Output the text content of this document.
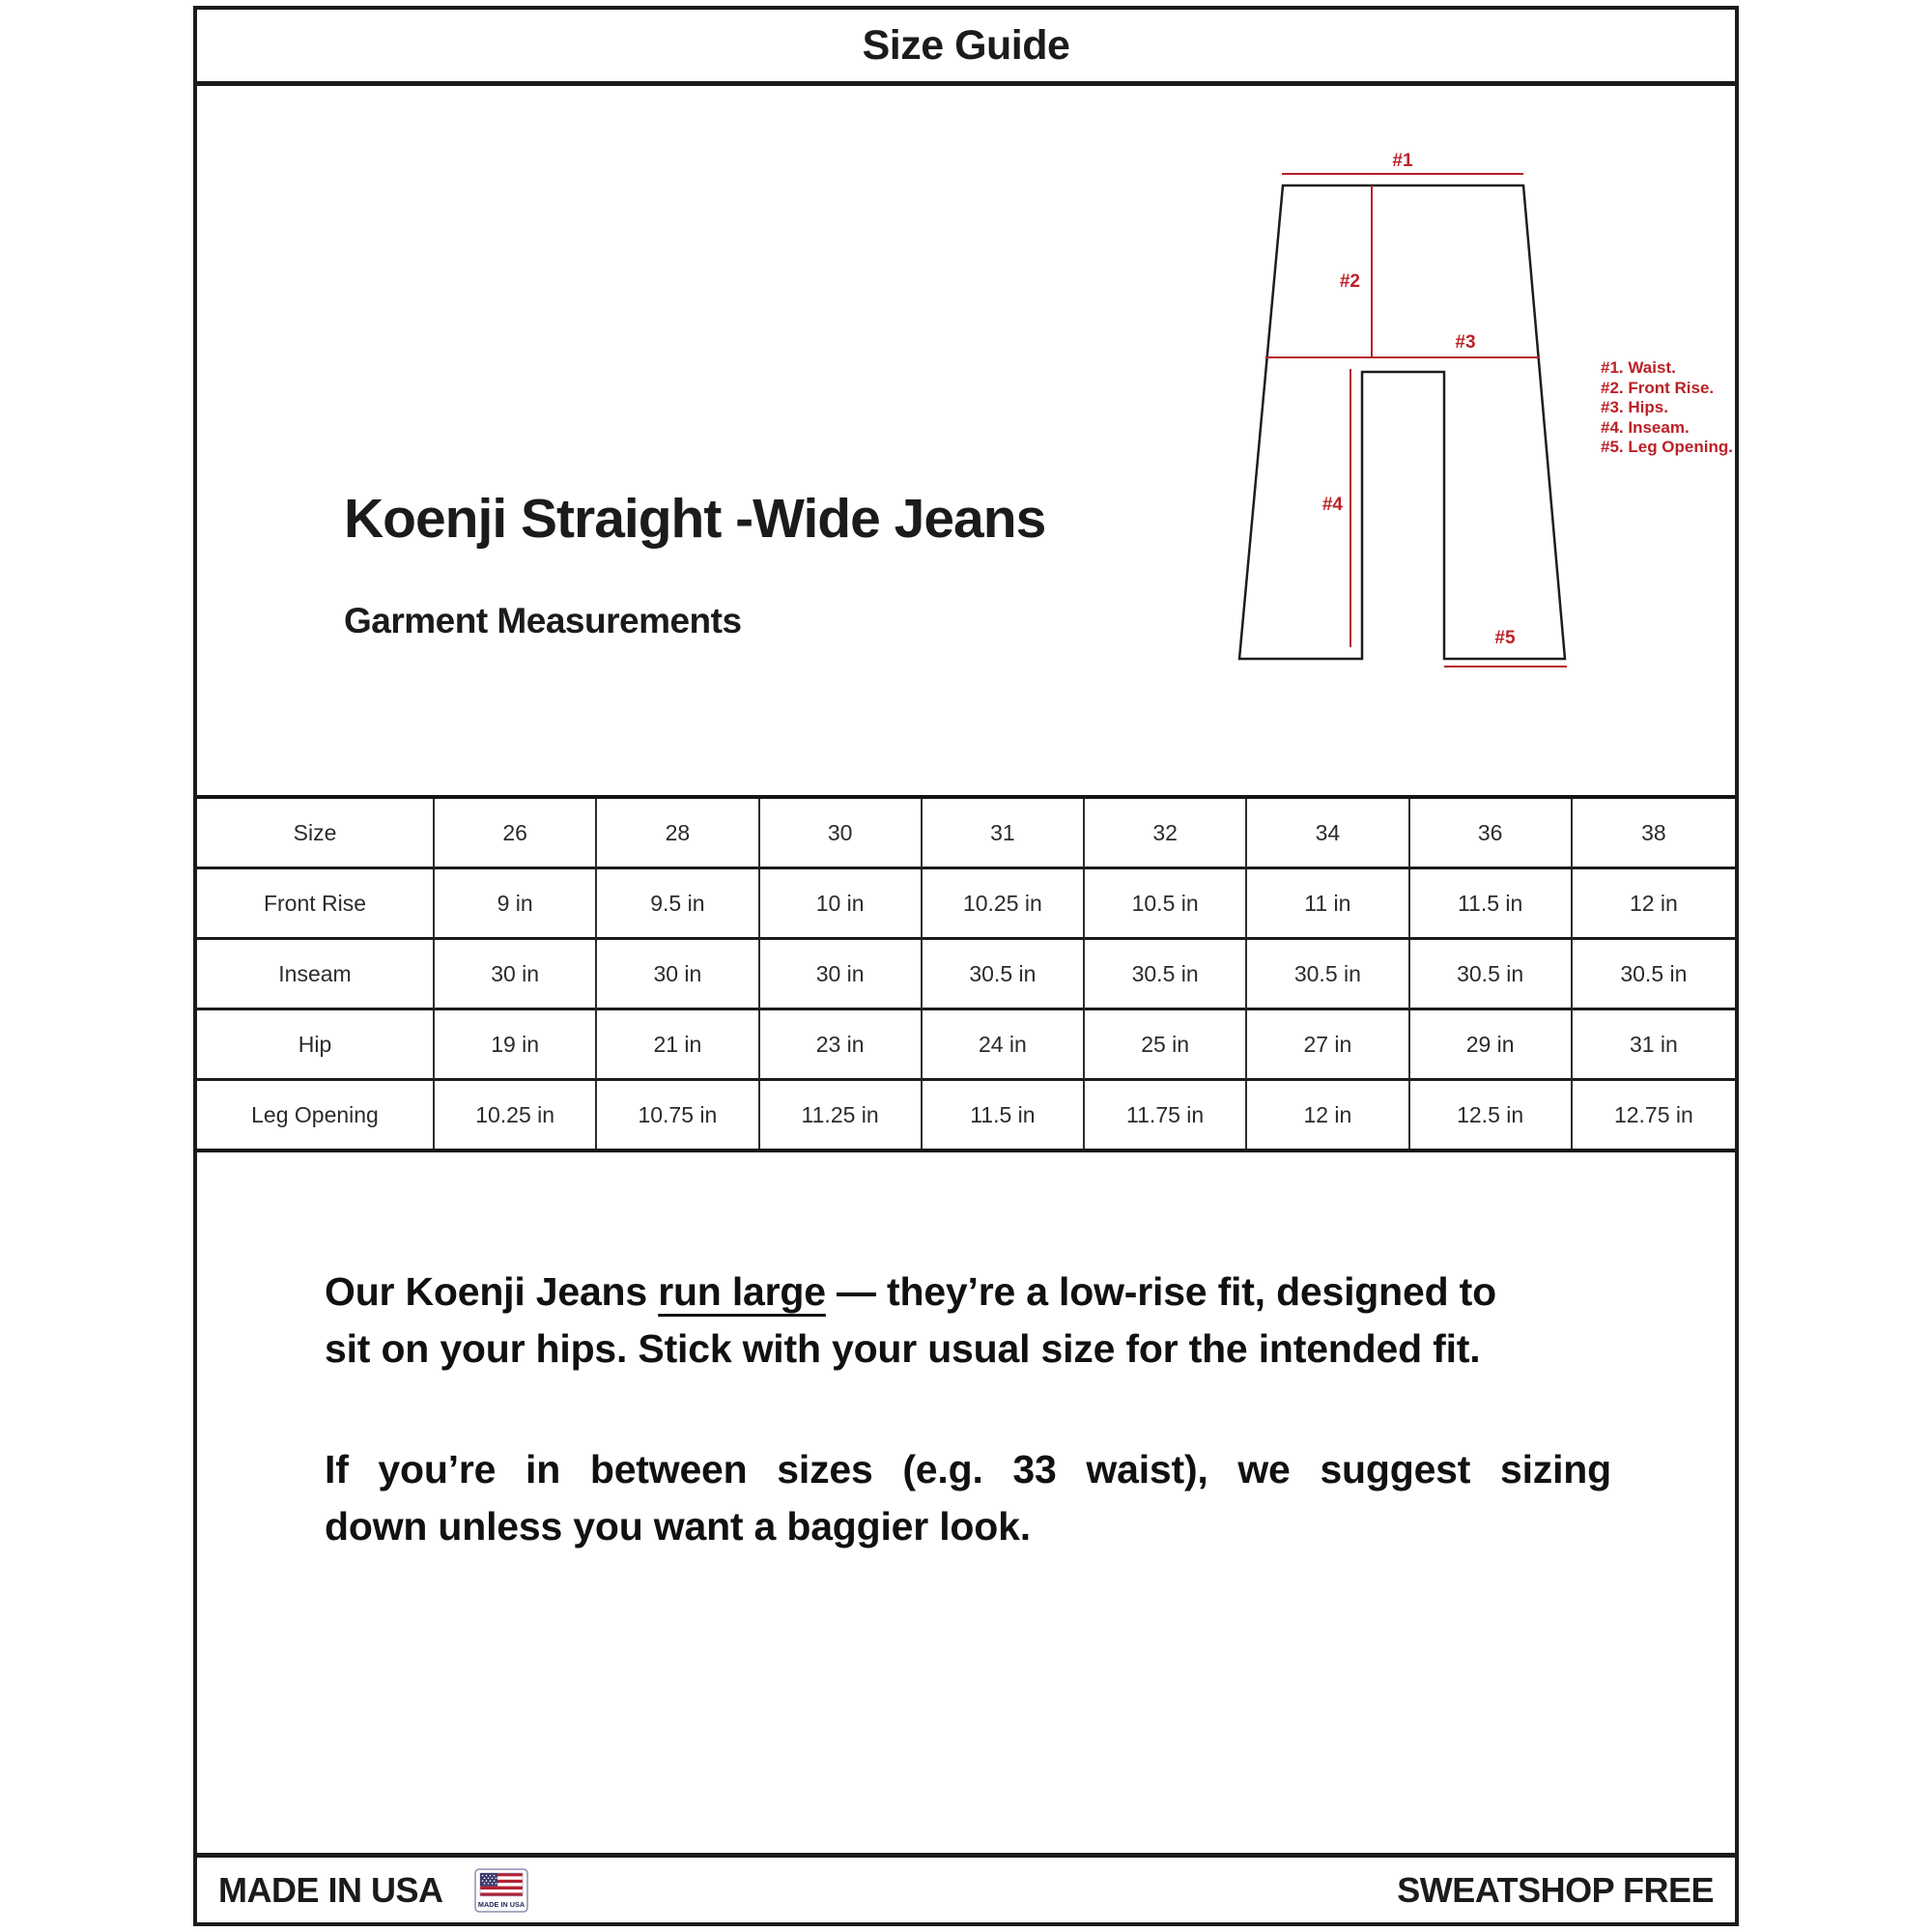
Size Guide
Koenji Straight -Wide Jeans
Garment Measurements
#1
#2
#3
#4
#5
#1. Waist.
#2. Front Rise.
#3. Hips.
#4. Inseam.
#5. Leg Opening.
Size	26	28	30	31	32	34	36	38
Front Rise	9 in	9.5 in	10 in	10.25 in	10.5 in	11 in	11.5 in	12 in
Inseam	30 in	30 in	30 in	30.5 in	30.5 in	30.5 in	30.5 in	30.5 in
Hip	19 in	21 in	23 in	24 in	25 in	27 in	29 in	31 in
Leg Opening	10.25 in	10.75 in	11.25 in	11.5 in	11.75 in	12 in	12.5 in	12.75 in
Our Koenji Jeans run large — they’re a low-rise fit, designed to
sit on your hips. Stick with your usual size for the intended fit.
If you’re in between sizes (e.g. 33 waist), we suggest sizing
down unless you want a baggier look.
MADE IN USA	MADE IN USA	SWEATSHOP FREE
